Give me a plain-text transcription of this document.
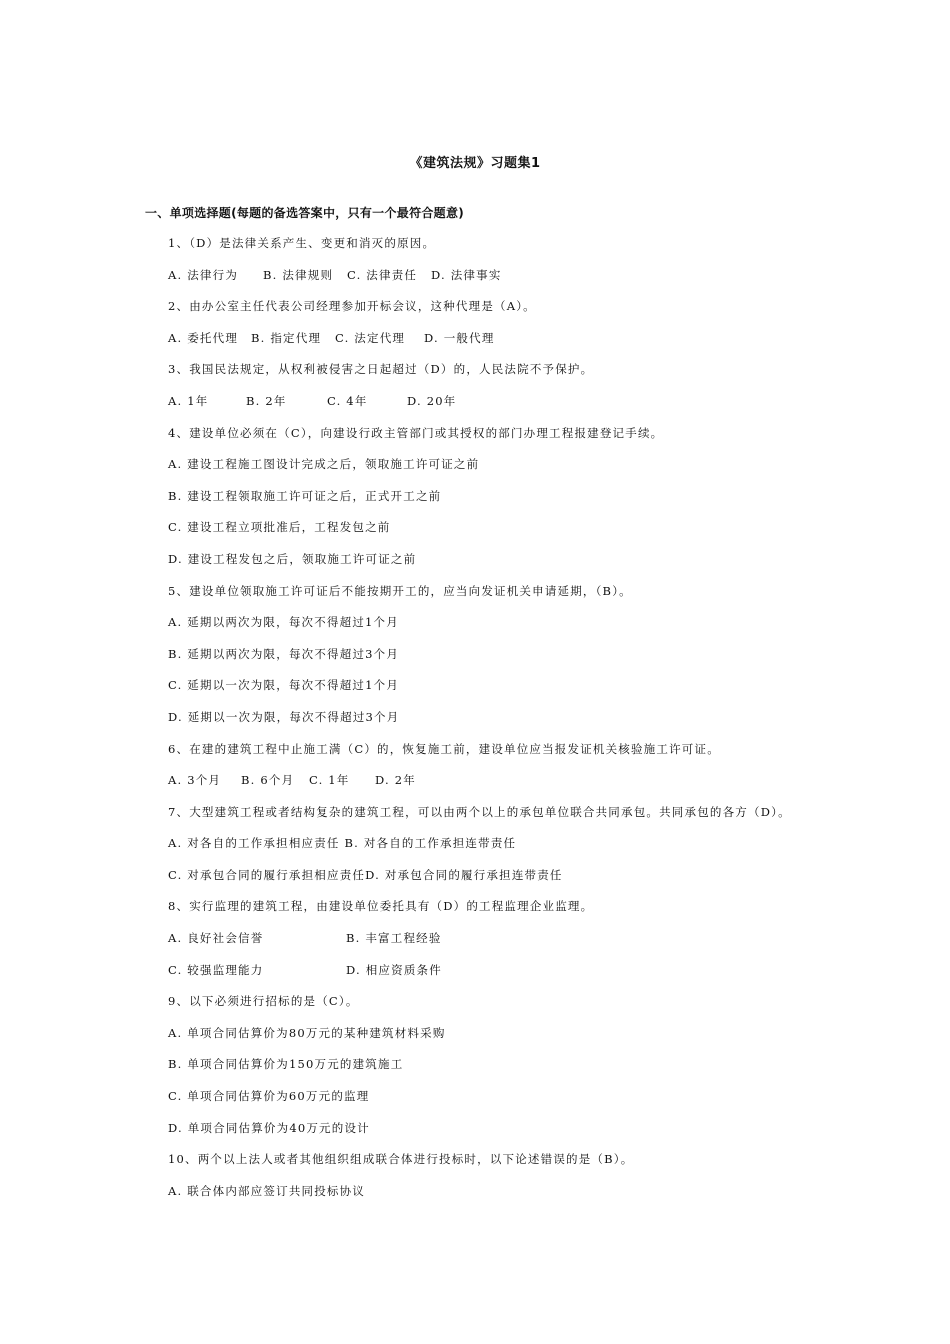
《建筑法规》习题集1
一、单项选择题(每题的备选答案中，只有一个最符合题意)
1、（D）是法律关系产生、变更和消灭的原因。
A. 法律行为	B. 法律规则	C. 法律责任	D. 法律事实
2、由办公室主任代表公司经理参加开标会议，这种代理是（A）。
A. 委托代理	B. 指定代理	C. 法定代理	D. 一般代理
3、我国民法规定，从权利被侵害之日起超过（D）的，人民法院不予保护。
A. 1年	B. 2年	C. 4年	D. 20年
4、建设单位必须在（C），向建设行政主管部门或其授权的部门办理工程报建登记手续。
A. 建设工程施工图设计完成之后，领取施工许可证之前
B. 建设工程领取施工许可证之后，正式开工之前
C. 建设工程立项批准后，工程发包之前
D. 建设工程发包之后，领取施工许可证之前
5、建设单位领取施工许可证后不能按期开工的，应当向发证机关申请延期，（B）。
A. 延期以两次为限，每次不得超过1个月
B. 延期以两次为限，每次不得超过3个月
C. 延期以一次为限，每次不得超过1个月
D. 延期以一次为限，每次不得超过3个月
6、在建的建筑工程中止施工满（C）的，恢复施工前，建设单位应当报发证机关核验施工许可证。
A. 3个月	B. 6个月	C. 1年	D. 2年
7、大型建筑工程或者结构复杂的建筑工程，可以由两个以上的承包单位联合共同承包。共同承包的各方（D）。
A. 对各自的工作承担相应责任 B. 对各自的工作承担连带责任
C. 对承包合同的履行承担相应责任D. 对承包合同的履行承担连带责任
8、实行监理的建筑工程，由建设单位委托具有（D）的工程监理企业监理。
A. 良好社会信誉	B. 丰富工程经验
C. 较强监理能力	D. 相应资质条件
9、以下必须进行招标的是（C）。
A. 单项合同估算价为80万元的某种建筑材料采购
B. 单项合同估算价为150万元的建筑施工
C. 单项合同估算价为60万元的监理
D. 单项合同估算价为40万元的设计
10、两个以上法人或者其他组织组成联合体进行投标时，以下论述错误的是（B）。
A. 联合体内部应签订共同投标协议
